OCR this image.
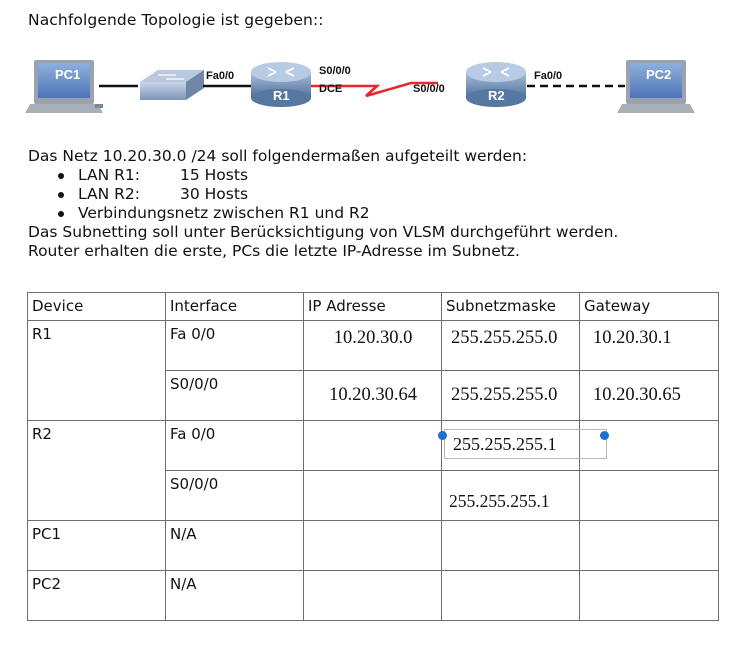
Nachfolgende Topologie ist gegeben::
PC1	Fa0/0
R1
S0/0/0
DCE	S0/0/0	R2
Fa0/0	PC2

Das Netz 10.20.30.0 /24 soll folgendermaßen aufgeteilt werden:

LAN R1:	15 Hosts
LAN R2:	30 Hosts
Verbindungsnetz zwischen R1 und R2

Das Subnetting soll unter Berücksichtigung von VLSM durchgeführt werden.

Router erhalten die erste, PCs die letzte IP-Adresse im Subnetz.

Device	Interface	IP Adresse	Subnetzmaske	Gateway
R1	Fa 0/0	10.20.30.0	255.255.255.0	10.20.30.1
	S0/0/0	10.20.30.64	255.255.255.0	10.20.30.65
R2	Fa 0/0		255.255.255.1	

	S0/0/0		255.255.255.1	
PC1	N/A			
PC2	N/A			
